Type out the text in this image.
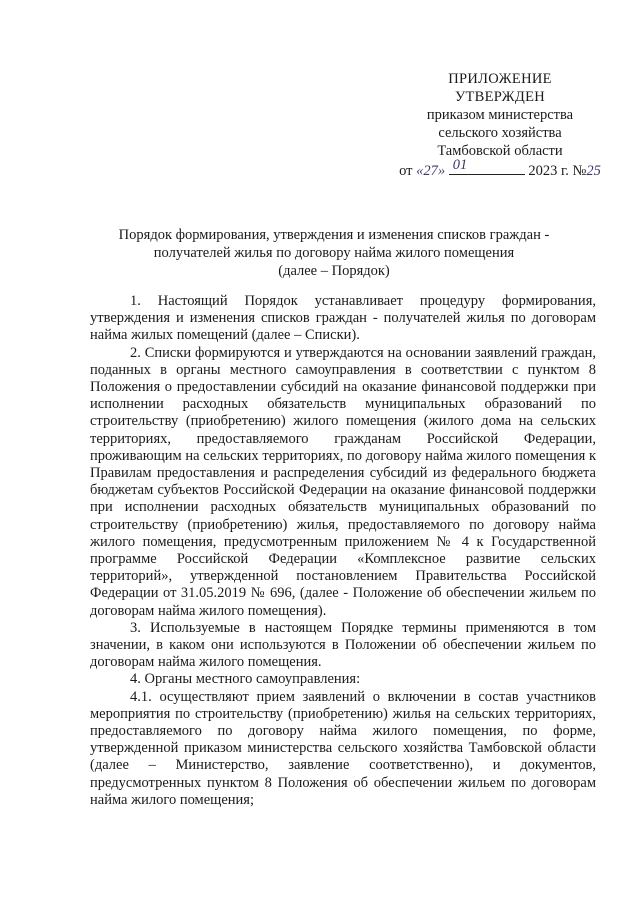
ПРИЛОЖЕНИЕ
УТВЕРЖДЕН
приказом министерства
сельского хозяйства
Тамбовской области
от «27» 01	2023 г. №25
Порядок формирования, утверждения и изменения списков граждан -
получателей жилья по договору найма жилого помещения
(далее – Порядок)

1. Настоящий Порядок устанавливает процедуру формирования, утверждения и изменения списков граждан - получателей жилья по договорам найма жилых помещений (далее – Списки).

2. Списки формируются и утверждаются на основании заявлений граждан, поданных в органы местного самоуправления в соответствии с пунктом 8 Положения о предоставлении субсидий на оказание финансовой поддержки при исполнении расходных обязательств муниципальных образований по строительству (приобретению) жилого помещения (жилого дома на сельских территориях, предоставляемого гражданам Российской Федерации, проживающим на сельских территориях, по договору найма жилого помещения к Правилам предоставления и распределения субсидий из федерального бюджета бюджетам субъектов Российской Федерации на оказание финансовой поддержки при исполнении расходных обязательств муниципальных образований по строительству (приобретению) жилья, предоставляемого по договору найма жилого помещения, предусмотренным приложением № 4 к Государственной программе Российской Федерации «Комплексное развитие сельских территорий», утвержденной постановлением Правительства Российской Федерации от 31.05.2019 № 696, (далее - Положение об обеспечении жильем по договорам найма жилого помещения).

3. Используемые в настоящем Порядке термины применяются в том значении, в каком они используются в Положении об обеспечении жильем по договорам найма жилого помещения.

4. Органы местного самоуправления:

4.1. осуществляют прием заявлений о включении в состав участников мероприятия по строительству (приобретению) жилья на сельских территориях, предоставляемого по договору найма жилого помещения, по форме, утвержденной приказом министерства сельского хозяйства Тамбовской области (далее – Министерство, заявление соответственно), и документов, предусмотренных пунктом 8 Положения об обеспечении жильем по договорам найма жилого помещения;
